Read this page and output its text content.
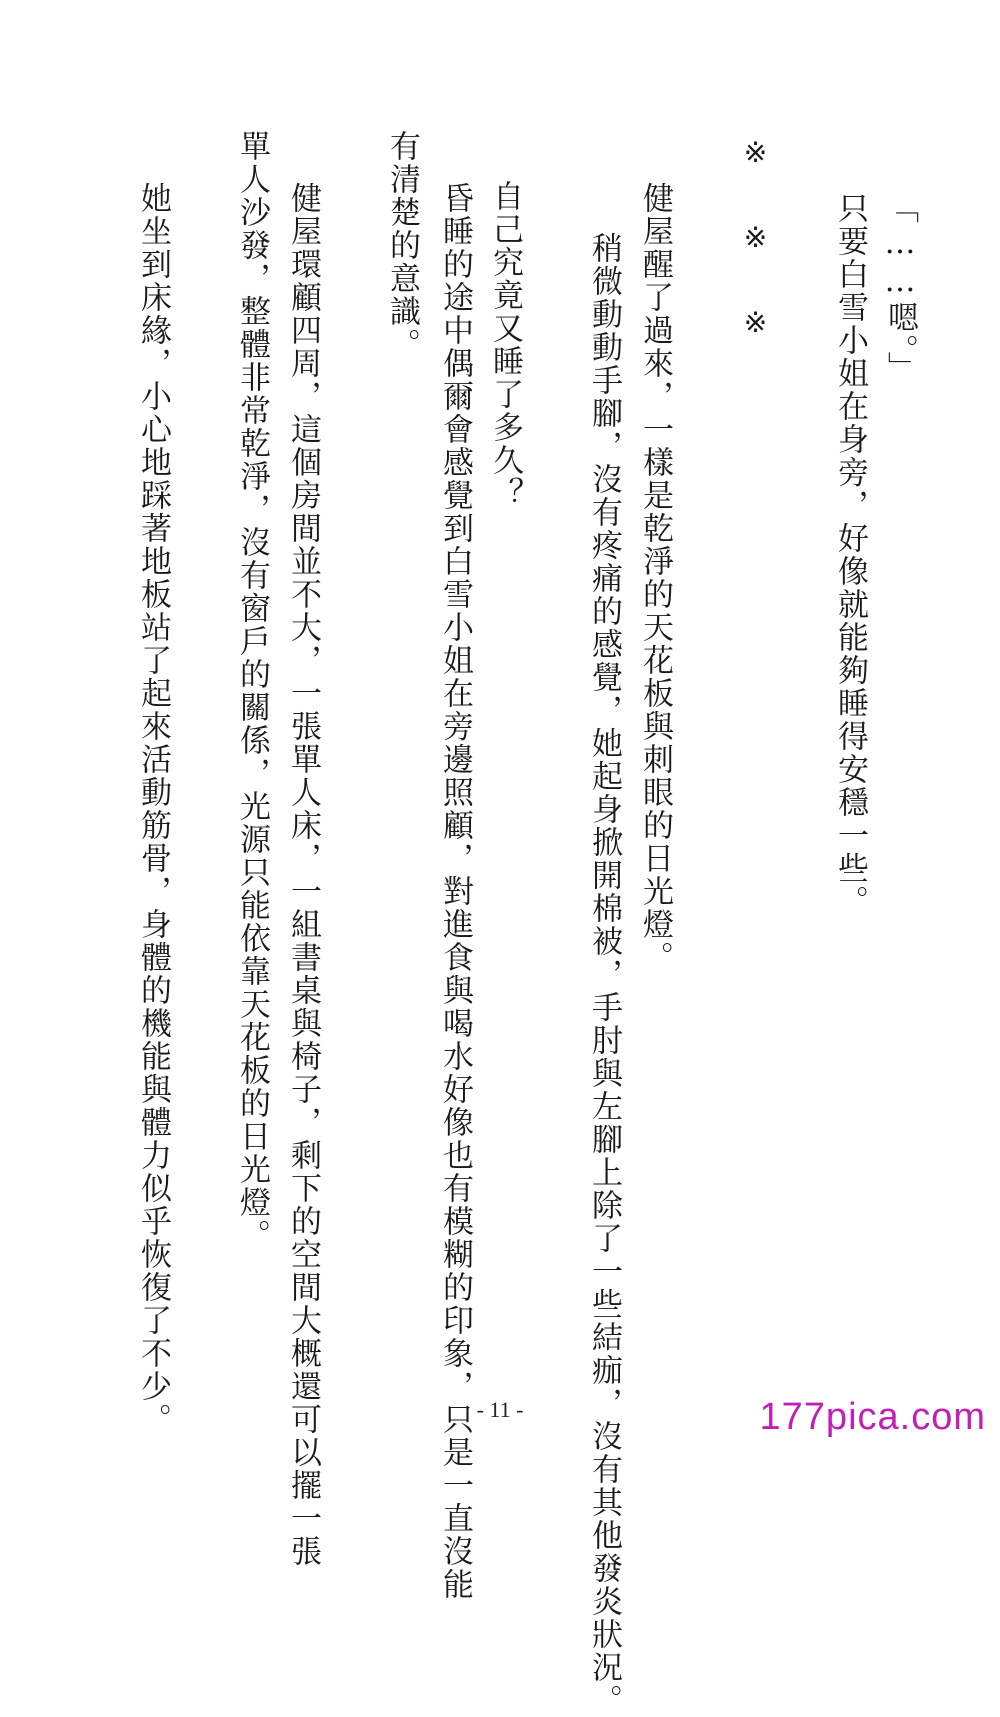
「……嗯。」
只要白雪小姐在身旁，好像就能夠睡得安穩一些。
※　※　※
健屋醒了過來，一樣是乾淨的天花板與刺眼的日光燈。
稍微動動手腳，沒有疼痛的感覺，她起身掀開棉被，手肘與左腳上除了一些結痂，沒有其他發炎狀況。
自己究竟又睡了多久？
昏睡的途中偶爾會感覺到白雪小姐在旁邊照顧，對進食與喝水好像也有模糊的印象，只是一直沒能
有清楚的意識。
健屋環顧四周，這個房間並不大，一張單人床，一組書桌與椅子，剩下的空間大概還可以擺一張
單人沙發，整體非常乾淨，沒有窗戶的關係，光源只能依靠天花板的日光燈。
她坐到床緣，小心地踩著地板站了起來活動筋骨，身體的機能與體力似乎恢復了不少。	- 11 -	177pica.com
